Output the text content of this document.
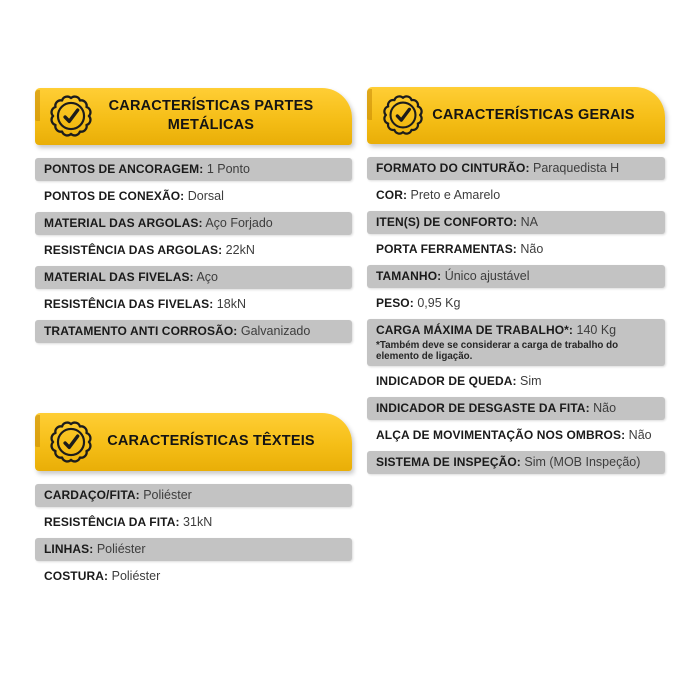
CARACTERÍSTICAS PARTES METÁLICAS
PONTOS DE ANCORAGEM: 1 Ponto
PONTOS DE CONEXÃO: Dorsal
MATERIAL DAS ARGOLAS: Aço Forjado
RESISTÊNCIA DAS ARGOLAS: 22kN
MATERIAL DAS FIVELAS: Aço
RESISTÊNCIA DAS FIVELAS: 18kN
TRATAMENTO ANTI CORROSÃO: Galvanizado
CARACTERÍSTICAS GERAIS
FORMATO DO CINTURÃO: Paraquedista H
COR: Preto e Amarelo
ITEN(S) DE CONFORTO: NA
PORTA FERRAMENTAS: Não
TAMANHO: Único ajustável
PESO: 0,95 Kg
CARGA MÁXIMA DE TRABALHO*: 140 Kg
*Também deve se considerar a carga de trabalho do elemento de ligação.
INDICADOR DE QUEDA: Sim
INDICADOR DE DESGASTE DA FITA: Não
ALÇA DE MOVIMENTAÇÃO NOS OMBROS: Não
SISTEMA DE INSPEÇÃO: Sim (MOB Inspeção)
CARACTERÍSTICAS TÊXTEIS
CARDAÇO/FITA: Poliéster
RESISTÊNCIA DA FITA: 31kN
LINHAS: Poliéster
COSTURA: Poliéster
